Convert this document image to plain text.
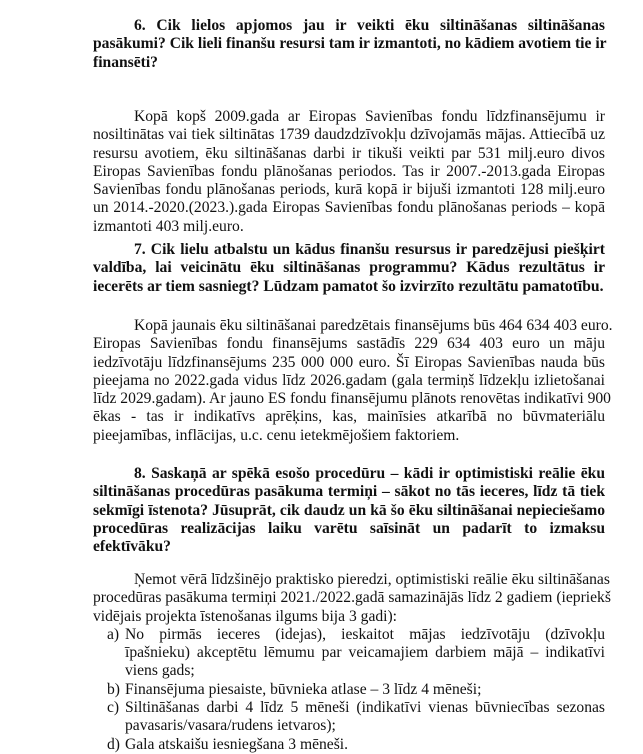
6. Cik lielos apjomos jau ir veikti ēku siltināšanas siltināšanas
pasākumi? Cik lieli finanšu resursi tam ir izmantoti, no kādiem avotiem tie ir
finansēti?
Kopā kopš 2009.gada ar Eiropas Savienības fondu līdzfinansējumu ir
nosiltinātas vai tiek siltinātas 1739 daudzdzīvokļu dzīvojamās mājas. Attiecībā uz
resursu avotiem, ēku siltināšanas darbi ir tikuši veikti par 531 milj.euro divos
Eiropas Savienības fondu plānošanas periodos. Tas ir 2007.-2013.gada Eiropas
Savienības fondu plānošanas periods, kurā kopā ir bijuši izmantoti 128 milj.euro
un 2014.-2020.(2023.).gada Eiropas Savienības fondu plānošanas periods – kopā
izmantoti 403 milj.euro.
7. Cik lielu atbalstu un kādus finanšu resursus ir paredzējusi piešķirt
valdība, lai veicinātu ēku siltināšanas programmu? Kādus rezultātus ir
iecerēts ar tiem sasniegt? Lūdzam pamatot šo izvirzīto rezultātu pamatotību.
Kopā jaunais ēku siltināšanai paredzētais finansējums būs 464 634 403 euro.
Eiropas Savienības fondu finansējums sastādīs 229 634 403 euro un māju
iedzīvotāju līdzfinansējums 235 000 000 euro. Šī Eiropas Savienības nauda būs
pieejama no 2022.gada vidus līdz 2026.gadam (gala termiņš līdzekļu izlietošanai
līdz 2029.gadam). Ar jauno ES fondu finansējumu plānots renovētas indikatīvi 900
ēkas - tas ir indikatīvs aprēķins, kas, mainīsies atkarībā no būvmateriālu
pieejamības, inflācijas, u.c. cenu ietekmējošiem faktoriem.
8. Saskaņā ar spēkā esošo procedūru – kādi ir optimistiski reālie ēku
siltināšanas procedūras pasākuma termiņi – sākot no tās ieceres, līdz tā tiek
sekmīgi īstenota? Jūsuprāt, cik daudz un kā šo ēku siltināšanai nepieciešamo
procedūras realizācijas laiku varētu saīsināt un padarīt to izmaksu
efektīvāku?
Ņemot vērā līdzšinējo praktisko pieredzi, optimistiski reālie ēku siltināšanas
procedūras pasākuma termiņi 2021./2022.gadā samazinājās līdz 2 gadiem (iepriekš
vidējais projekta īstenošanas ilgums bija 3 gadi):
a) No pirmās ieceres (idejas), ieskaitot mājas iedzīvotāju (dzīvokļu
īpašnieku) akceptētu lēmumu par veicamajiem darbiem mājā – indikatīvi
viens gads;
b) Finansējuma piesaiste, būvnieka atlase – 3 līdz 4 mēneši;
c) Siltināšanas darbi 4 līdz 5 mēneši (indikatīvi vienas būvniecības sezonas
pavasaris/vasara/rudens ietvaros);
d) Gala atskaišu iesniegšana 3 mēneši.
